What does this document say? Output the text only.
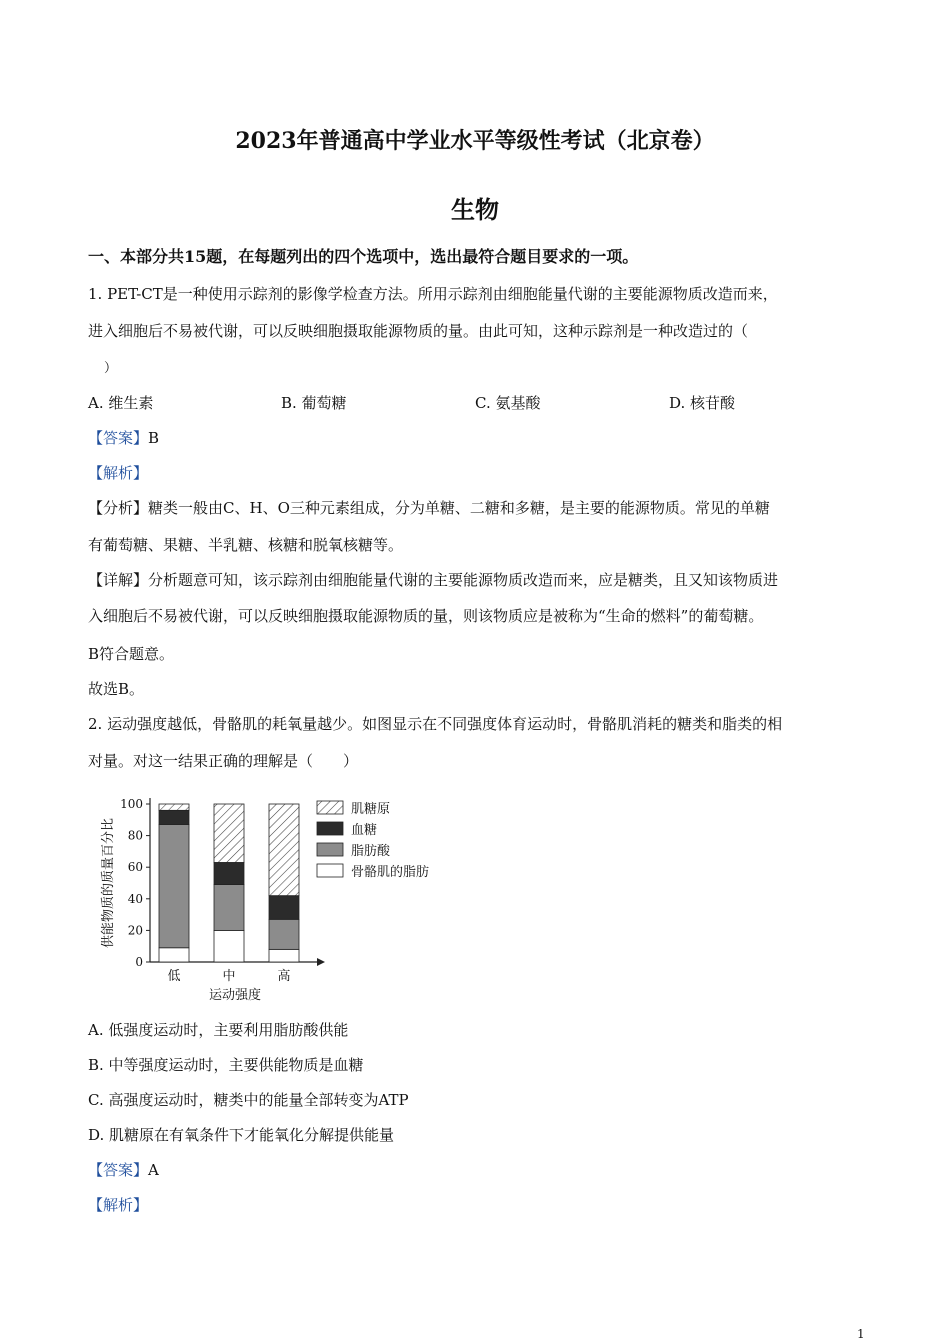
2023年普通高中学业水平等级性考试（北京卷）
生物
一、本部分共15题，在每题列出的四个选项中，选出最符合题目要求的一项。
1. PET-CT是一种使用示踪剂的影像学检查方法。所用示踪剂由细胞能量代谢的主要能源物质改造而来，
进入细胞后不易被代谢，可以反映细胞摄取能源物质的量。由此可知，这种示踪剂是一种改造过的（
）
A. 维生素	B. 葡萄糖	C. 氨基酸	D. 核苷酸
【答案】B
【解析】
【分析】糖类一般由C、H、O三种元素组成，分为单糖、二糖和多糖，是主要的能源物质。常见的单糖
有葡萄糖、果糖、半乳糖、核糖和脱氧核糖等。
【详解】分析题意可知，该示踪剂由细胞能量代谢的主要能源物质改造而来，应是糖类，且又知该物质进
入细胞后不易被代谢，可以反映细胞摄取能源物质的量，则该物质应是被称为“生命的燃料”的葡萄糖。
B符合题意。
故选B。
2. 运动强度越低，骨骼肌的耗氧量越少。如图显示在不同强度体育运动时，骨骼肌消耗的糖类和脂类的相
对量。对这一结果正确的理解是（　　）
0
20
40
60
80
100
供能物质的质量百分比
低	中	高
运动强度
肌糖原
血糖
脂肪酸
骨骼肌的脂肪
A. 低强度运动时，主要利用脂肪酸供能
B. 中等强度运动时，主要供能物质是血糖
C. 高强度运动时，糖类中的能量全部转变为ATP
D. 肌糖原在有氧条件下才能氧化分解提供能量
【答案】A
【解析】
1
